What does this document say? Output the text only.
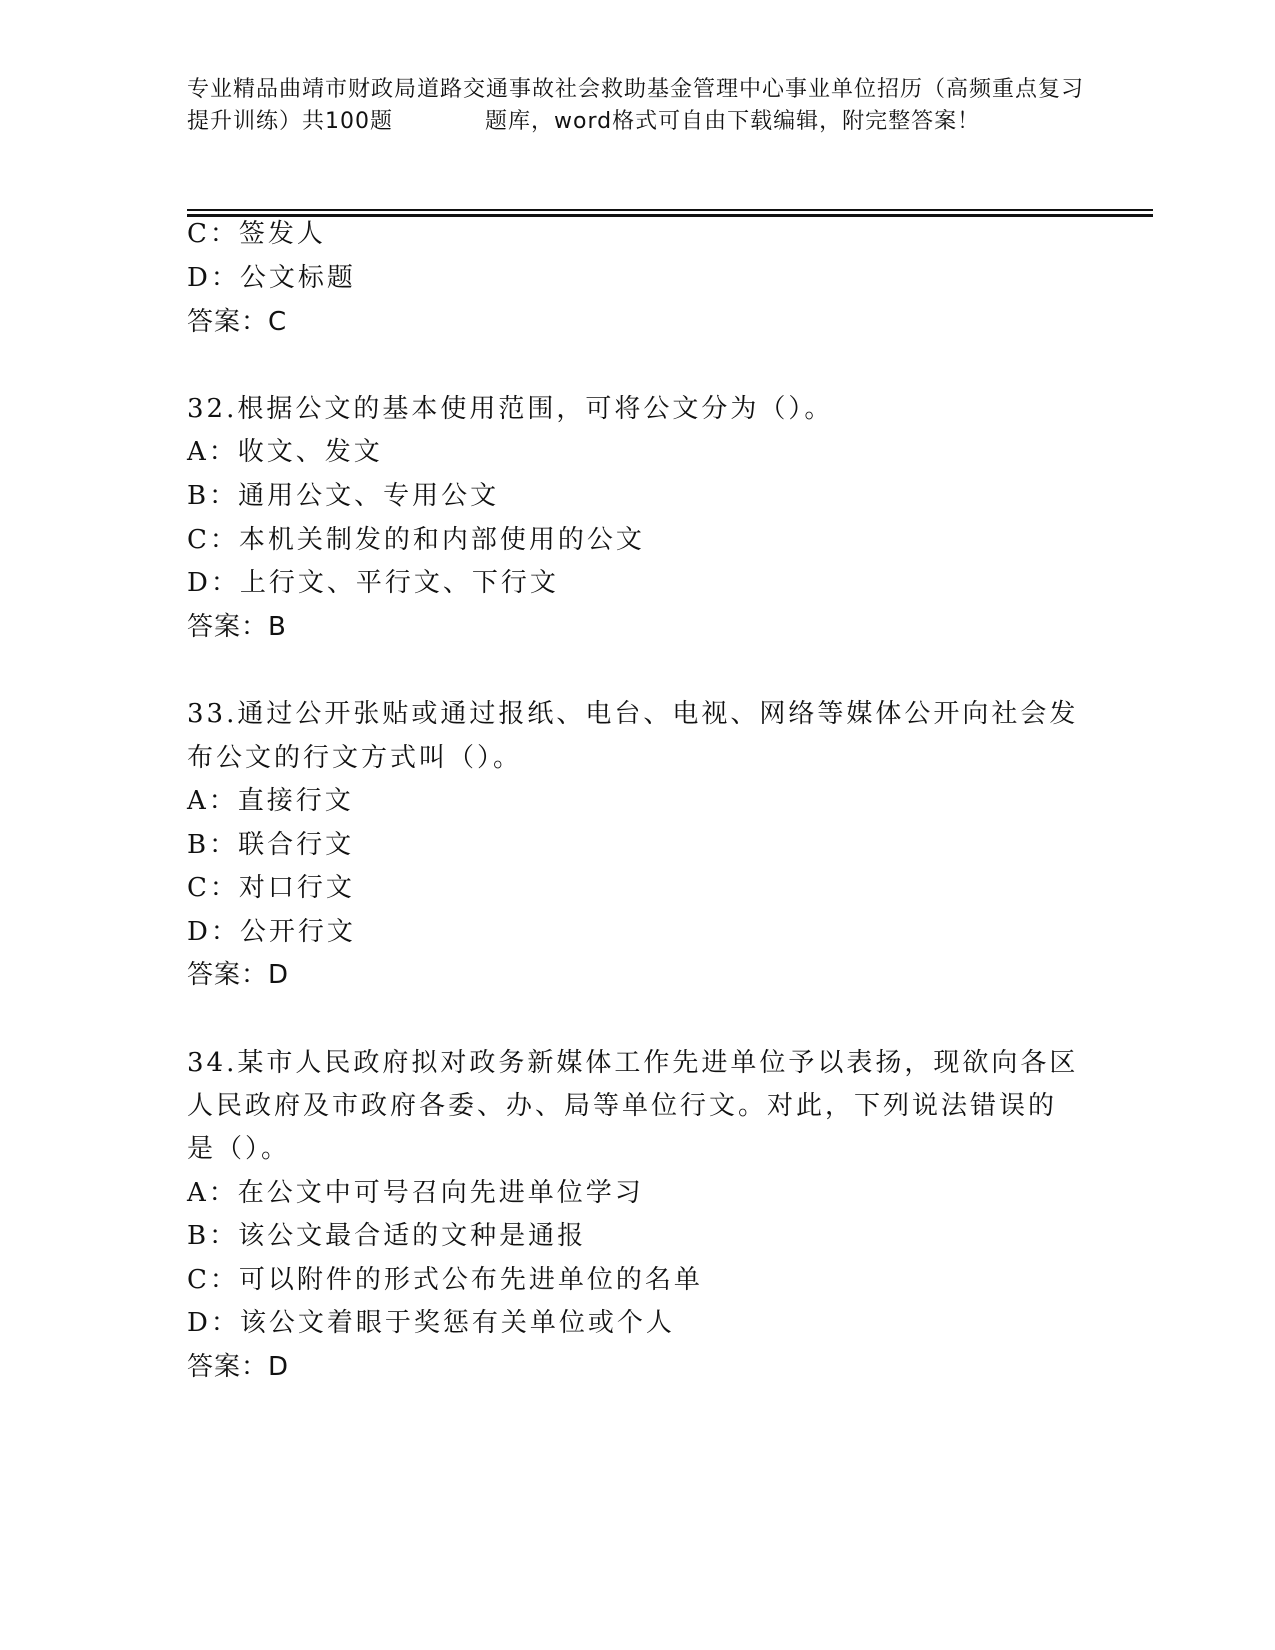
专业精品曲靖市财政局道路交通事故社会救助基金管理中心事业单位招历（高频重点复习提升训练）共100题　　　　题库，word格式可自由下载编辑，附完整答案！
C：签发人
D：公文标题
答案：C
32.根据公文的基本使用范围，可将公文分为（）。
A：收文、发文
B：通用公文、专用公文
C：本机关制发的和内部使用的公文
D：上行文、平行文、下行文
答案：B
33.通过公开张贴或通过报纸、电台、电视、网络等媒体公开向社会发
布公文的行文方式叫（）。
A：直接行文
B：联合行文
C：对口行文
D：公开行文
答案：D
34.某市人民政府拟对政务新媒体工作先进单位予以表扬，现欲向各区
人民政府及市政府各委、办、局等单位行文。对此，下列说法错误的
是（）。
A：在公文中可号召向先进单位学习
B：该公文最合适的文种是通报
C：可以附件的形式公布先进单位的名单
D：该公文着眼于奖惩有关单位或个人
答案：D
